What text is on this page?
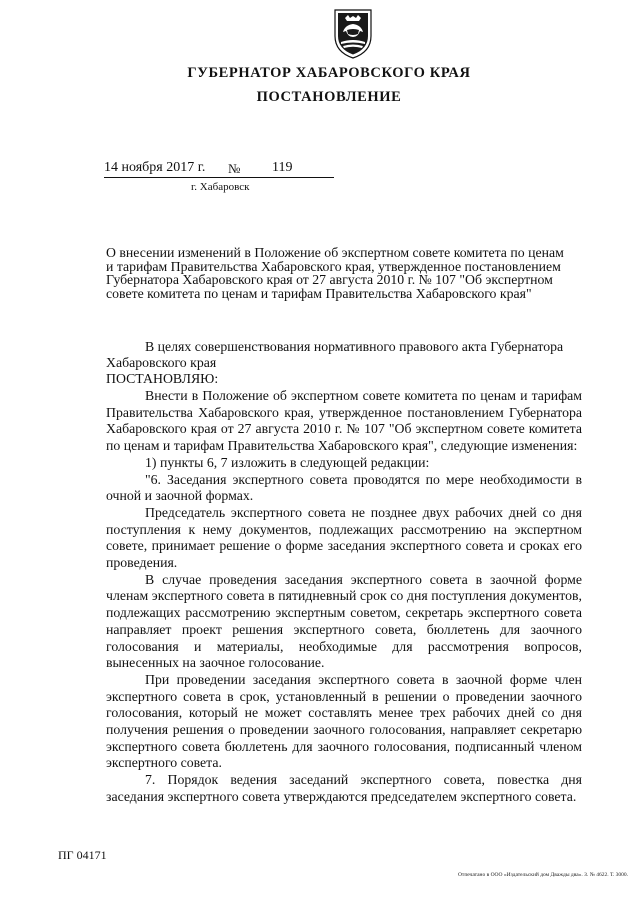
ГУБЕРНАТОР ХАБАРОВСКОГО КРАЯ
ПОСТАНОВЛЕНИЕ
14 ноября 2017 г. № 119
г. Хабаровск
О внесении изменений в Положение об экспертном совете комитета по ценам
и тарифам Правительства Хабаровского края, утвержденное постановлением
Губернатора Хабаровского края от 27 августа 2010 г. № 107 "Об экспертном
совете комитета по ценам и тарифам Правительства Хабаровского края"
В целях совершенствования нормативного правового акта Губернатора Хабаровского края
ПОСТАНОВЛЯЮ:
Внести в Положение об экспертном совете комитета по ценам и тарифам Правительства Хабаровского края, утвержденное постановлением Губернатора Хабаровского края от 27 августа 2010 г. № 107 "Об экспертном совете комитета по ценам и тарифам Правительства Хабаровского края", следующие изменения:
1) пункты 6, 7 изложить в следующей редакции:
"6. Заседания экспертного совета проводятся по мере необходимости в очной и заочной формах.
Председатель экспертного совета не позднее двух рабочих дней со дня поступления к нему документов, подлежащих рассмотрению на экспертном совете, принимает решение о форме заседания экспертного совета и сроках его проведения.
В случае проведения заседания экспертного совета в заочной форме членам экспертного совета в пятидневный срок со дня поступления документов, подлежащих рассмотрению экспертным советом, секретарь экспертного совета направляет проект решения экспертного совета, бюллетень для заочного голосования и материалы, необходимые для рассмотрения вопросов, вынесенных на заочное голосование.
При проведении заседания экспертного совета в заочной форме член экспертного совета в срок, установленный в решении о проведении заочного голосования, который не может составлять менее трех рабочих дней со дня получения решения о проведении заочного голосования, направляет секретарю экспертного совета бюллетень для заочного голосования, подписанный членом экспертного совета.
7. Порядок ведения заседаний экспертного совета, повестка дня заседания экспертного совета утверждаются председателем экспертного совета.
ПГ 04171
Отпечатано в ООО «Издательский дом Дважды два». З. № 4622. Т. 3000.
